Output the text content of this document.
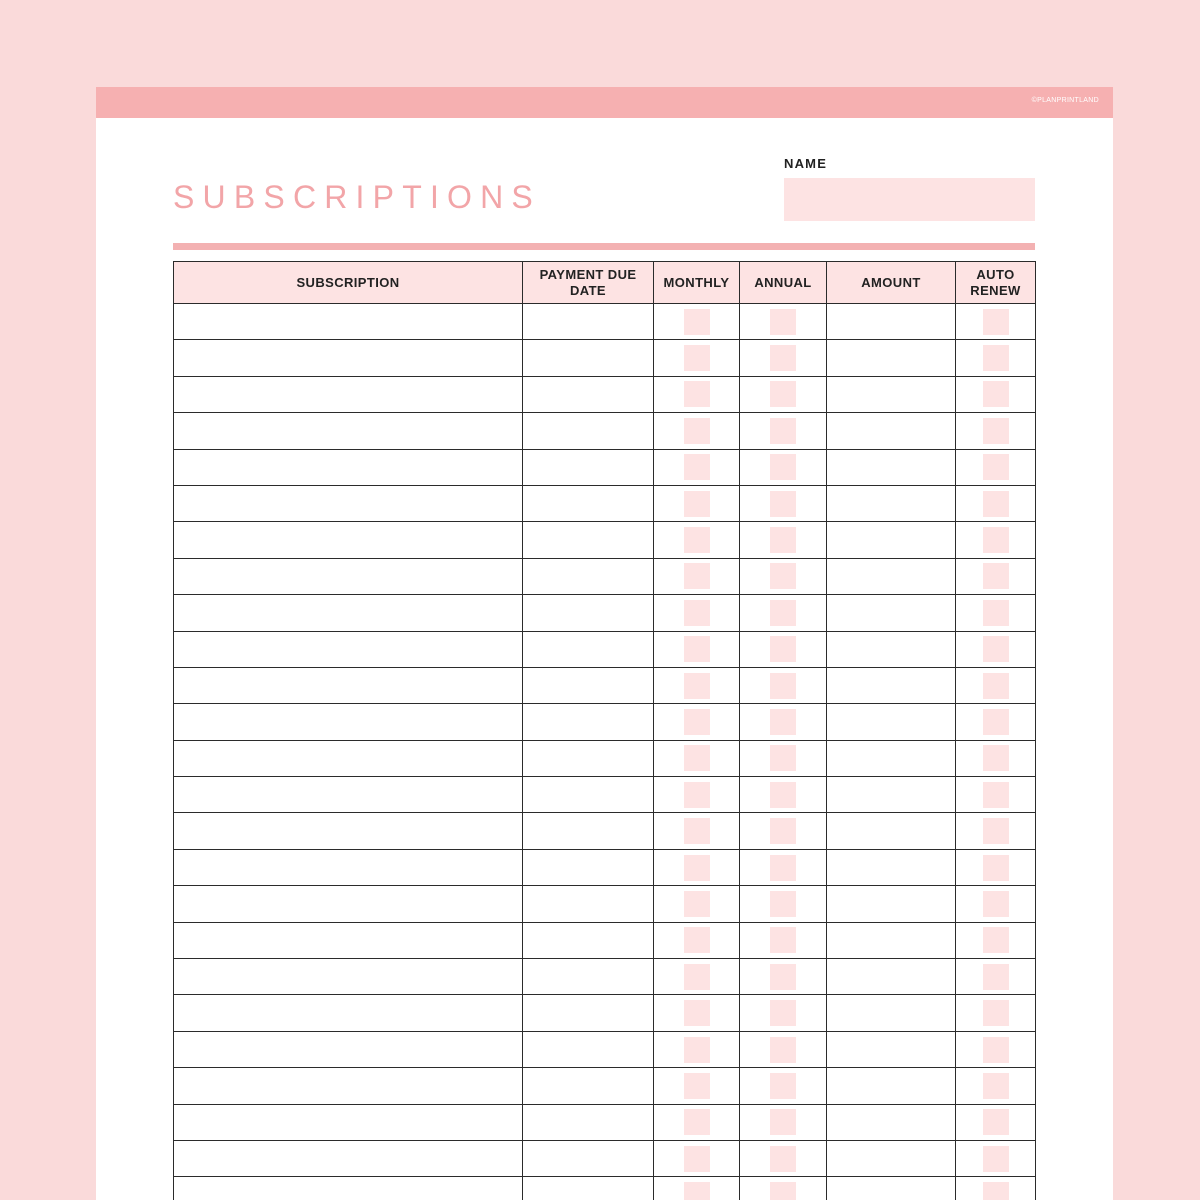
©PLANPRINTLAND
SUBSCRIPTIONS
NAME
SUBSCRIPTION	PAYMENT DUE DATE	MONTHLY	ANNUAL	AMOUNT	AUTO RENEW
